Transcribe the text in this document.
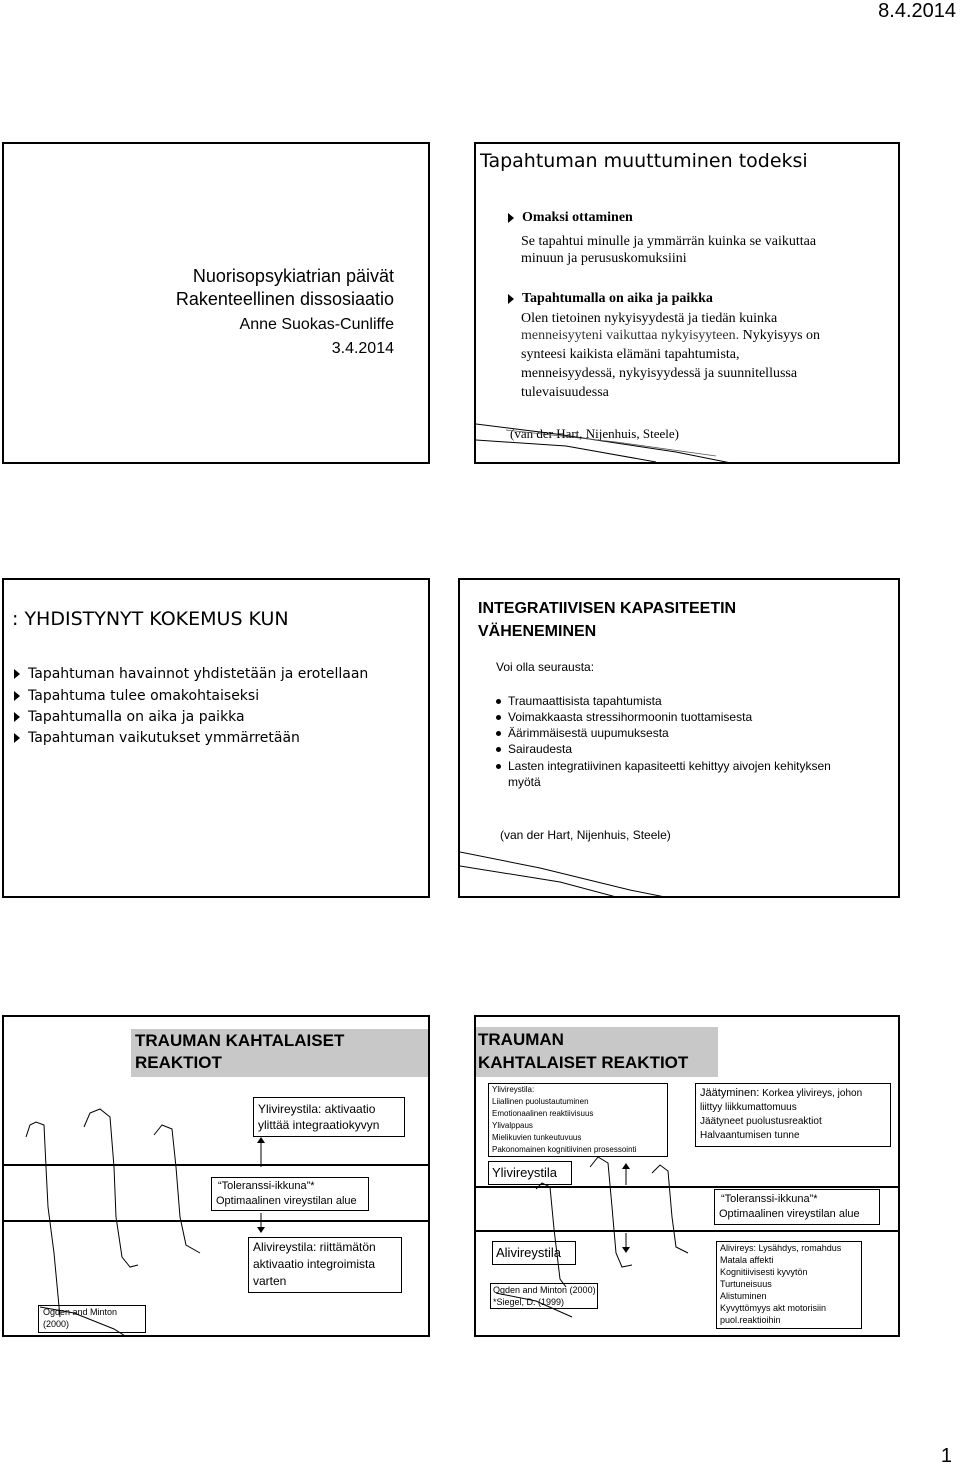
8.4.2014
1
Nuorisopsykiatrian päivät
Rakenteellinen dissosiaatio
Anne Suokas-Cunliffe
3.4.2014
Tapahtuman muuttuminen todeksi
Omaksi ottaminen
Se tapahtui minulle ja ymmärrän kuinka se vaikuttaa
minuun ja perususkomuksiini
Tapahtumalla on aika ja paikka
Olen tietoinen nykyisyydestä ja tiedän kuinka
menneisyyteni vaikuttaa nykyisyyteen. Nykyisyys on
synteesi kaikista elämäni tapahtumista,
menneisyydessä, nykyisyydessä ja suunnitellussa
tulevaisuudessa
(van der Hart, Nijenhuis, Steele)
: YHDISTYNYT KOKEMUS KUN
Tapahtuman havainnot yhdistetään ja erotellaan
Tapahtuma tulee omakohtaiseksi
Tapahtumalla on aika ja paikka
Tapahtuman vaikutukset ymmärretään
INTEGRATIIVISEN KAPASITEETIN
VÄHENEMINEN
Voi olla seurausta:
Traumaattisista tapahtumista
Voimakkaasta stressihormoonin tuottamisesta
Äärimmäisestä uupumuksesta
Sairaudesta
Lasten integratiivinen kapasiteetti kehittyy aivojen kehityksen
myötä
(van der Hart, Nijenhuis, Steele)
TRAUMAN KAHTALAISET
REAKTIOT
Ylivireystila: aktivaatio
ylittää integraatiokyvyn
“Toleranssi-ikkuna”*
Optimaalinen vireystilan alue
Alivireystila: riittämätön
aktivaatio integroimista
varten
Ogden and Minton
(2000)
TRAUMAN
KAHTALAISET REAKTIOT
Ylivireystila:
Liiallinen puolustautuminen
Emotionaalinen reaktiivisuus
Ylivalppaus
Mielikuvien tunkeutuvuus
Pakonomainen kognitiivinen prosessointi
Jäätyminen: Korkea ylivireys, johon
liittyy liikkumattomuus
Jäätyneet puolustusreaktiot
Halvaantumisen tunne
Ylivireystila
“Toleranssi-ikkuna”*
Optimaalinen vireystilan alue
Alivireystila	Alivireys: Lysähdys, romahdus
Matala affekti
Kognitiivisesti kyvytön
Turtuneisuus
Alistuminen
Kyvyttömyys akt motorisiin
puol.reaktioihin
Ogden and Minton (2000)
*Siegel, D. (1999)
